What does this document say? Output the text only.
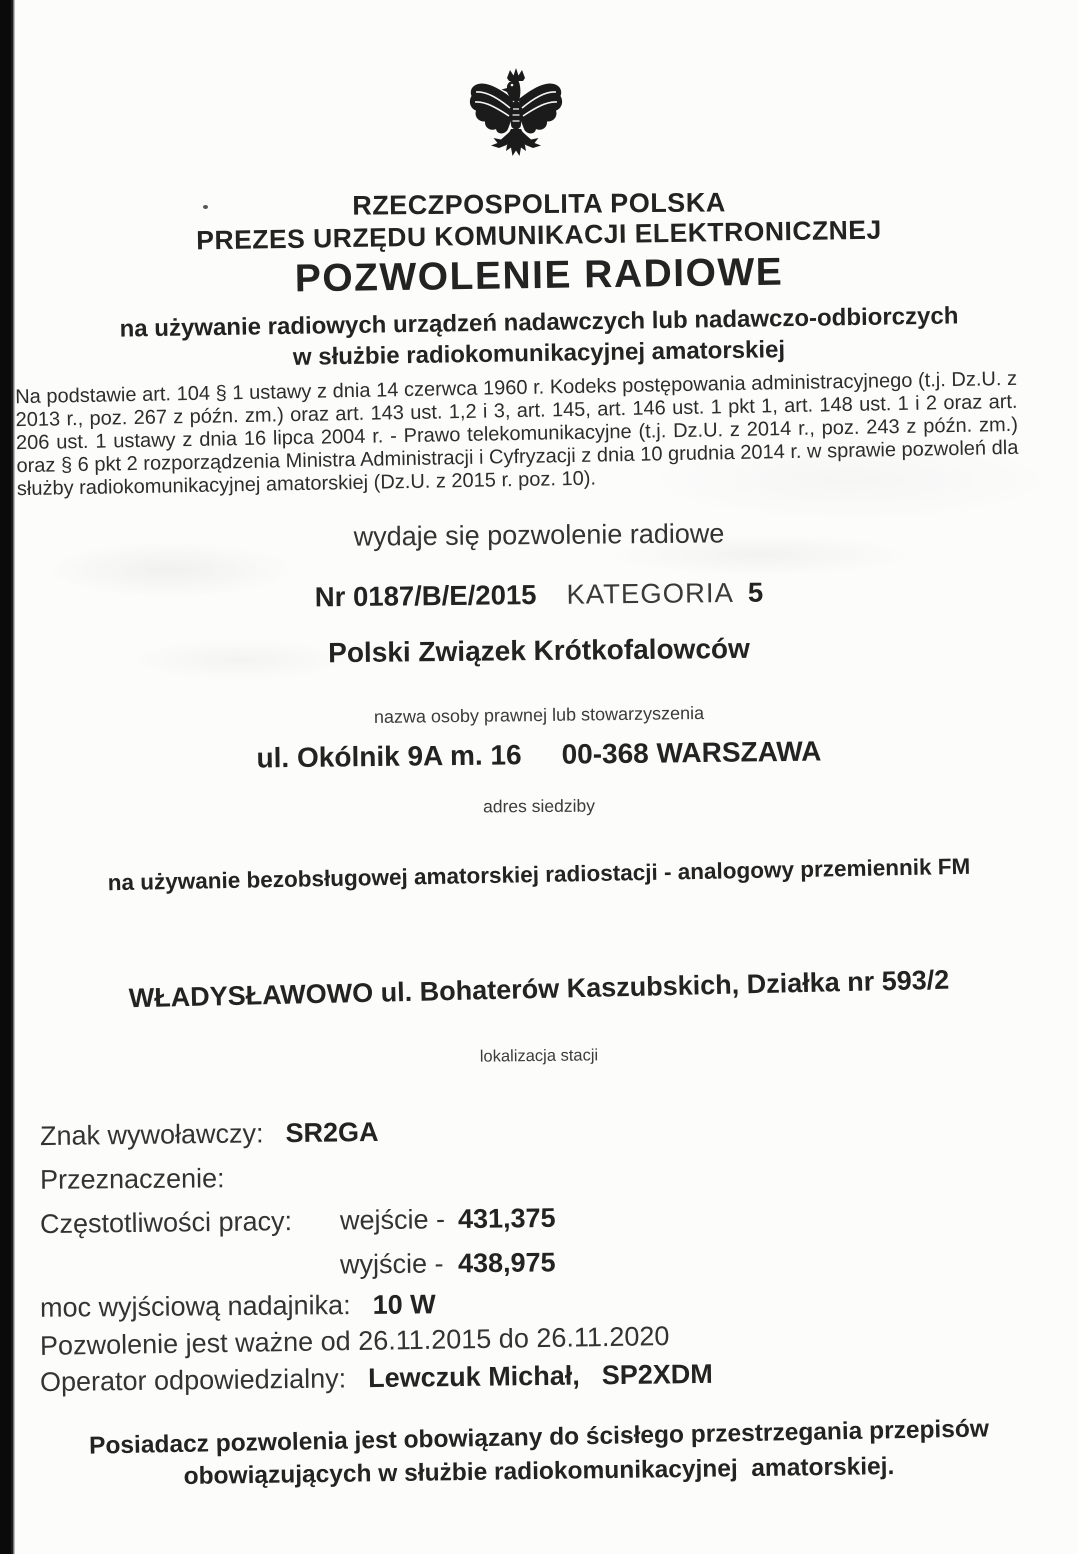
RZECZPOSPOLITA POLSKA
PREZES URZĘDU KOMUNIKACJI ELEKTRONICZNEJ
POZWOLENIE RADIOWE
na używanie radiowych urządzeń nadawczych lub nadawczo-odbiorczych
w służbie radiokomunikacyjnej amatorskiej
Na podstawie art. 104 § 1 ustawy z dnia 14 czerwca 1960 r. Kodeks postępowania administracyjnego (t.j. Dz.U. z 2013 r., poz. 267 z późn. zm.) oraz art. 143 ust. 1,2 i 3, art. 145, art. 146 ust. 1 pkt 1, art. 148 ust. 1 i 2 oraz art. 206 ust. 1 ustawy z dnia 16 lipca 2004 r. - Prawo telekomunikacyjne (t.j. Dz.U. z 2014 r., poz. 243 z późn. zm.) oraz § 6 pkt 2 rozporządzenia Ministra Administracji i Cyfryzacji z dnia 10 grudnia 2014 r. w sprawie pozwoleń dla służby radiokomunikacyjnej amatorskiej (Dz.U. z 2015 r. poz. 10).
wydaje się pozwolenie radiowe
Nr 0187/B/E/2015 KATEGORIA 5
Polski Związek Krótkofalowców
nazwa osoby prawnej lub stowarzyszenia
ul. Okólnik 9A m. 16 00-368 WARSZAWA
adres siedziby
na używanie bezobsługowej amatorskiej radiostacji - analogowy przemiennik FM
WŁADYSŁAWOWO ul. Bohaterów Kaszubskich, Działka nr 593/2
lokalizacja stacji
Znak wywoławczy: SR2GA
Przeznaczenie:
Częstotliwości pracy: wejście - 431,375
wyjście - 438,975
moc wyjściową nadajnika: 10 W
Pozwolenie jest ważne od 26.11.2015 do 26.11.2020
Operator odpowiedzialny: Lewczuk Michał, SP2XDM
Posiadacz pozwolenia jest obowiązany do ścisłego przestrzegania przepisów
obowiązujących w służbie radiokomunikacyjnej  amatorskiej.
